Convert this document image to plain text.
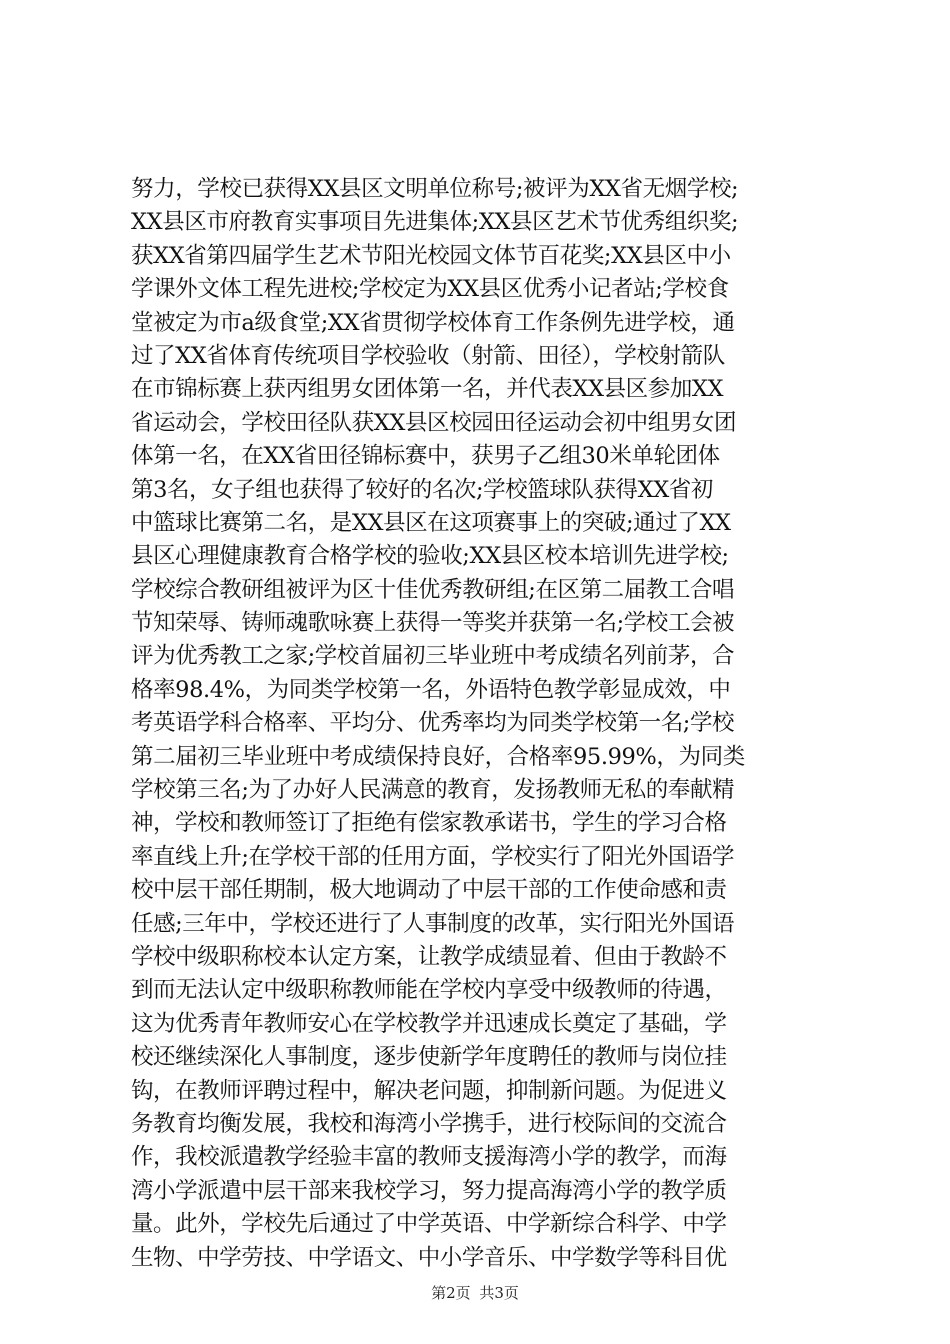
努力，学校已获得XX县区文明单位称号;被评为XX省无烟学校;
XX县区市府教育实事项目先进集体;XX县区艺术节优秀组织奖;
获XX省第四届学生艺术节阳光校园文体节百花奖;XX县区中小
学课外文体工程先进校;学校定为XX县区优秀小记者站;学校食
堂被定为市a级食堂;XX省贯彻学校体育工作条例先进学校，通
过了XX省体育传统项目学校验收（射箭、田径），学校射箭队
在市锦标赛上获丙组男女团体第一名，并代表XX县区参加XX
省运动会，学校田径队获XX县区校园田径运动会初中组男女团
体第一名，在XX省田径锦标赛中，获男子乙组30米单轮团体
第3名，女子组也获得了较好的名次;学校篮球队获得XX省初
中篮球比赛第二名，是XX县区在这项赛事上的突破;通过了XX
县区心理健康教育合格学校的验收;XX县区校本培训先进学校;
学校综合教研组被评为区十佳优秀教研组;在区第二届教工合唱
节知荣辱、铸师魂歌咏赛上获得一等奖并获第一名;学校工会被
评为优秀教工之家;学校首届初三毕业班中考成绩名列前茅，合
格率98.4%，为同类学校第一名，外语特色教学彰显成效，中
考英语学科合格率、平均分、优秀率均为同类学校第一名;学校
第二届初三毕业班中考成绩保持良好，合格率95.99%，为同类
学校第三名;为了办好人民满意的教育，发扬教师无私的奉献精
神，学校和教师签订了拒绝有偿家教承诺书，学生的学习合格
率直线上升;在学校干部的任用方面，学校实行了阳光外国语学
校中层干部任期制，极大地调动了中层干部的工作使命感和责
任感;三年中，学校还进行了人事制度的改革，实行阳光外国语
学校中级职称校本认定方案，让教学成绩显着、但由于教龄不
到而无法认定中级职称教师能在学校内享受中级教师的待遇，
这为优秀青年教师安心在学校教学并迅速成长奠定了基础，学
校还继续深化人事制度，逐步使新学年度聘任的教师与岗位挂
钩，在教师评聘过程中，解决老问题，抑制新问题。为促进义
务教育均衡发展，我校和海湾小学携手，进行校际间的交流合
作，我校派遣教学经验丰富的教师支援海湾小学的教学，而海
湾小学派遣中层干部来我校学习，努力提高海湾小学的教学质
量。此外，学校先后通过了中学英语、中学新综合科学、中学
生物、中学劳技、中学语文、中小学音乐、中学数学等科目优
第2页 共3页
